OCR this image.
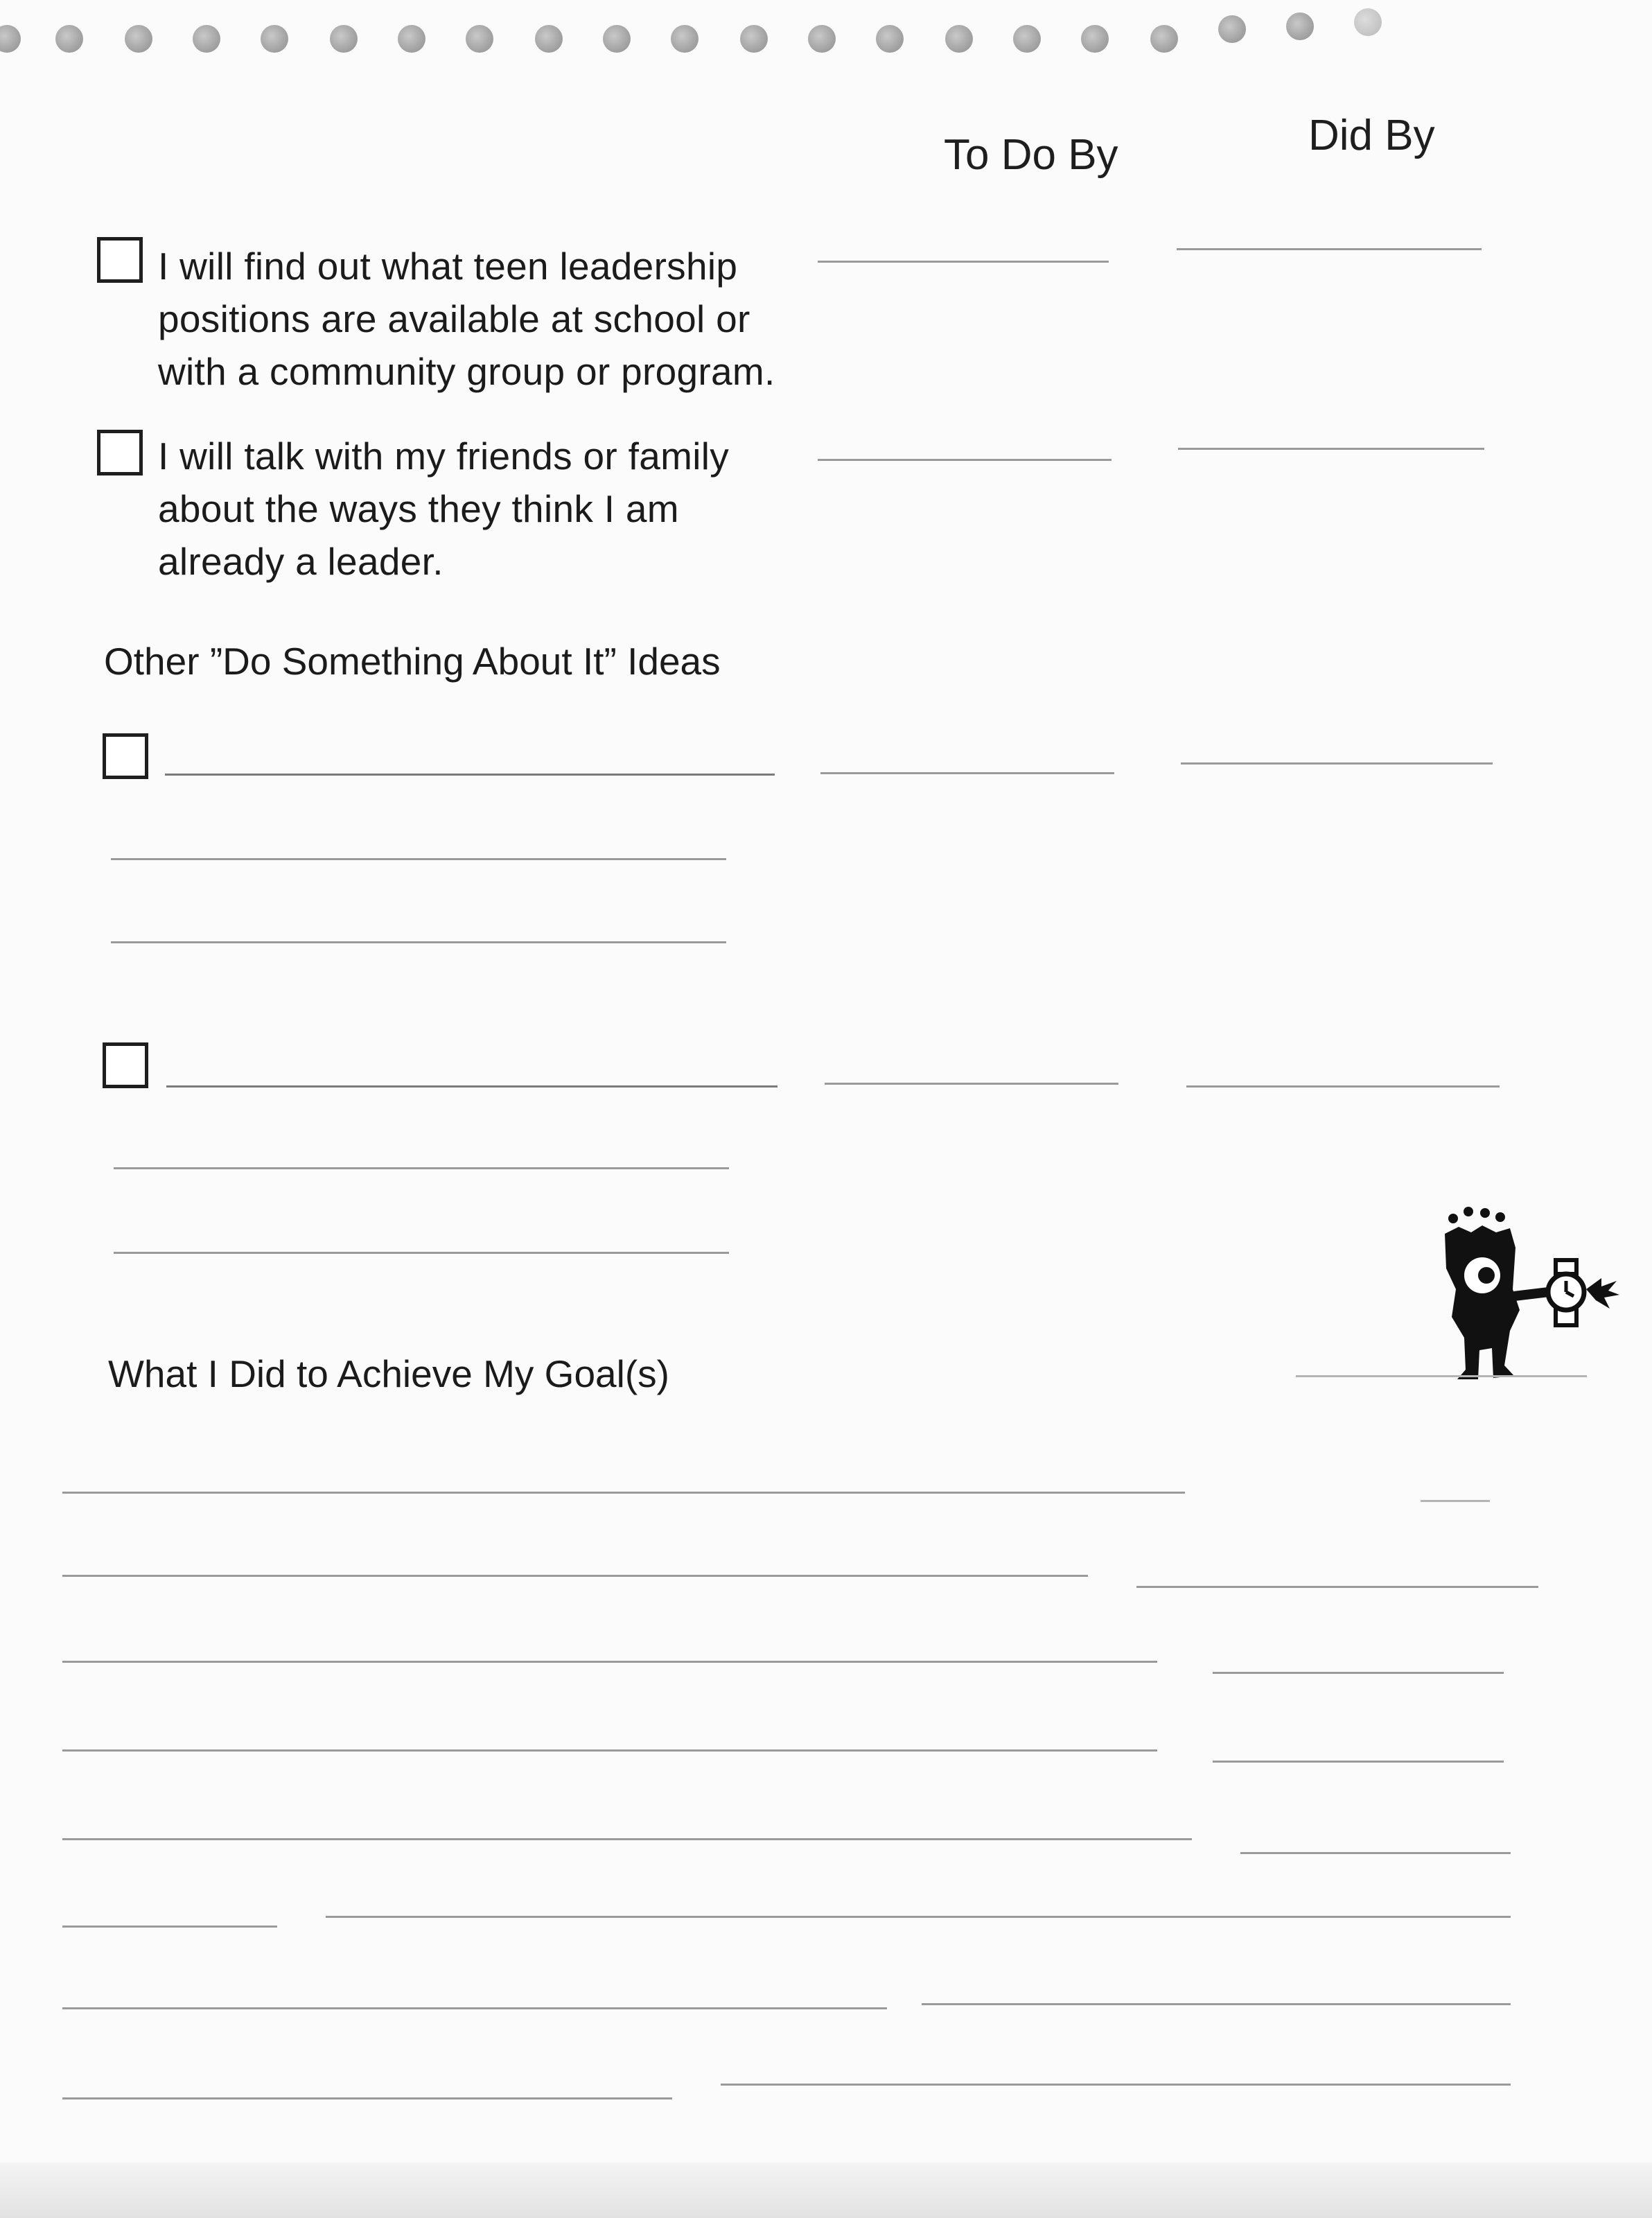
To Do By	Did By
I will find out what teen leadership
positions are available at school or
with a community group or program.
I will talk with my friends or family
about the ways they think I am
already a leader.
Other ”Do Something About It” Ideas
What I Did to Achieve My Goal(s)
